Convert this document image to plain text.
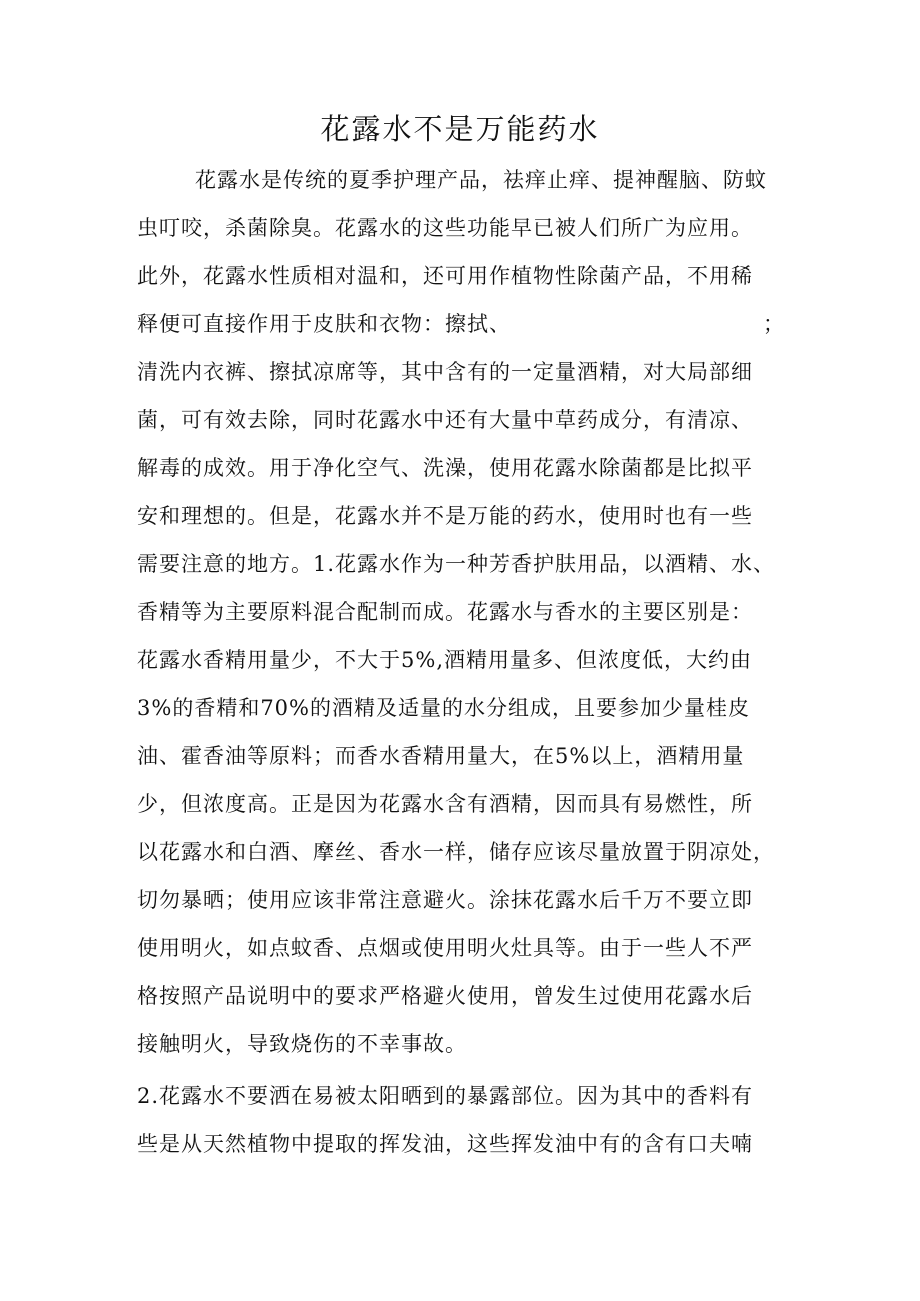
花露水不是万能药水
花露水是传统的夏季护理产品，祛痒止痒、提神醒脑、防蚊
虫叮咬，杀菌除臭。花露水的这些功能早已被人们所广为应用。
此外，花露水性质相对温和，还可用作植物性除菌产品，不用稀
释便可直接作用于皮肤和衣物：擦拭、	；
清洗内衣裤、擦拭凉席等，其中含有的一定量酒精，对大局部细
菌，可有效去除，同时花露水中还有大量中草药成分，有清凉、
解毒的成效。用于净化空气、洗澡，使用花露水除菌都是比拟平
安和理想的。但是，花露水并不是万能的药水，使用时也有一些
需要注意的地方。1.花露水作为一种芳香护肤用品，以酒精、水、
香精等为主要原料混合配制而成。花露水与香水的主要区别是：
花露水香精用量少，不大于5%,酒精用量多、但浓度低，大约由
3%的香精和70%的酒精及适量的水分组成，且要参加少量桂皮
油、霍香油等原料；而香水香精用量大，在5%以上，酒精用量
少，但浓度高。正是因为花露水含有酒精，因而具有易燃性，所
以花露水和白酒、摩丝、香水一样，储存应该尽量放置于阴凉处，
切勿暴晒；使用应该非常注意避火。涂抹花露水后千万不要立即
使用明火，如点蚊香、点烟或使用明火灶具等。由于一些人不严
格按照产品说明中的要求严格避火使用，曾发生过使用花露水后
接触明火，导致烧伤的不幸事故。
2.花露水不要洒在易被太阳晒到的暴露部位。因为其中的香料有
些是从天然植物中提取的挥发油，这些挥发油中有的含有口夫喃
